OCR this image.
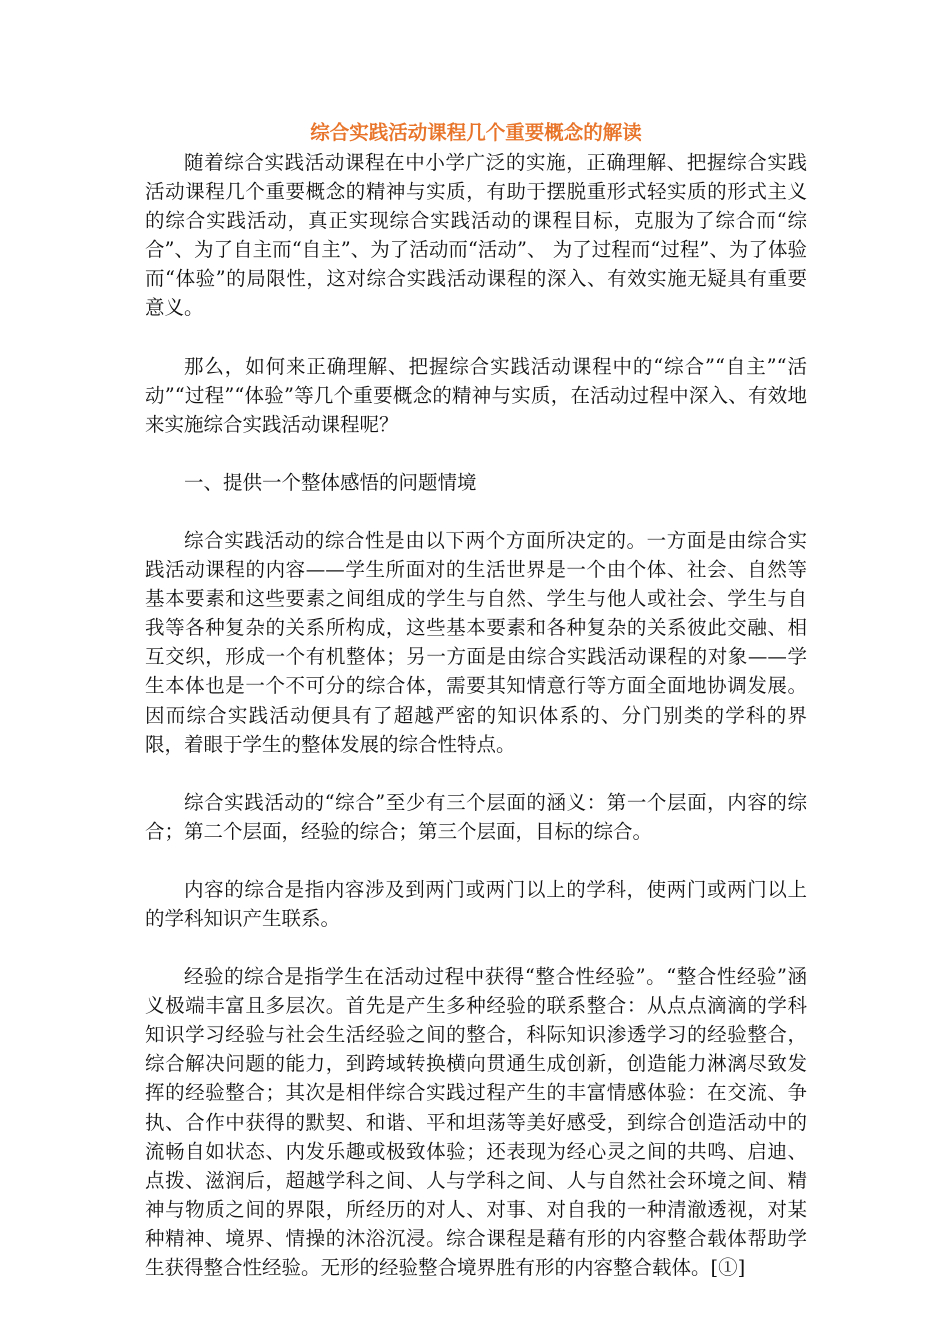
综合实践活动课程几个重要概念的解读

随着综合实践活动课程在中小学广泛的实施，正确理解、把握综合实践活动课程几个重要概念的精神与实质，有助于摆脱重形式轻实质的形式主义的综合实践活动，真正实现综合实践活动的课程目标，克服为了综合而“综合”、为了自主而“自主”、为了活动而“活动”、 为了过程而“过程”、为了体验而“体验”的局限性，这对综合实践活动课程的深入、有效实施无疑具有重要意义。

那么，如何来正确理解、把握综合实践活动课程中的“综合”“自主”“活动”“过程”“体验”等几个重要概念的精神与实质，在活动过程中深入、有效地来实施综合实践活动课程呢？

一、提供一个整体感悟的问题情境

综合实践活动的综合性是由以下两个方面所决定的。一方面是由综合实践活动课程的内容——学生所面对的生活世界是一个由个体、社会、自然等基本要素和这些要素之间组成的学生与自然、学生与他人或社会、学生与自我等各种复杂的关系所构成，这些基本要素和各种复杂的关系彼此交融、相互交织，形成一个有机整体；另一方面是由综合实践活动课程的对象——学生本体也是一个不可分的综合体，需要其知情意行等方面全面地协调发展。因而综合实践活动便具有了超越严密的知识体系的、分门别类的学科的界限，着眼于学生的整体发展的综合性特点。

综合实践活动的“综合”至少有三个层面的涵义：第一个层面，内容的综合；第二个层面，经验的综合；第三个层面，目标的综合。

内容的综合是指内容涉及到两门或两门以上的学科，使两门或两门以上的学科知识产生联系。

经验的综合是指学生在活动过程中获得“整合性经验”。“整合性经验”涵义极端丰富且多层次。首先是产生多种经验的联系整合：从点点滴滴的学科知识学习经验与社会生活经验之间的整合，科际知识渗透学习的经验整合，综合解决问题的能力，到跨域转换横向贯通生成创新，创造能力淋漓尽致发挥的经验整合；其次是相伴综合实践过程产生的丰富情感体验：在交流、争执、合作中获得的默契、和谐、平和坦荡等美好感受，到综合创造活动中的流畅自如状态、内发乐趣或极致体验；还表现为经心灵之间的共鸣、启迪、点拨、滋润后，超越学科之间、人与学科之间、人与自然社会环境之间、精神与物质之间的界限，所经历的对人、对事、对自我的一种清澈透视，对某种精神、境界、情操的沐浴沉浸。综合课程是藉有形的内容整合载体帮助学生获得整合性经验。无形的经验整合境界胜有形的内容整合载体。[①]
